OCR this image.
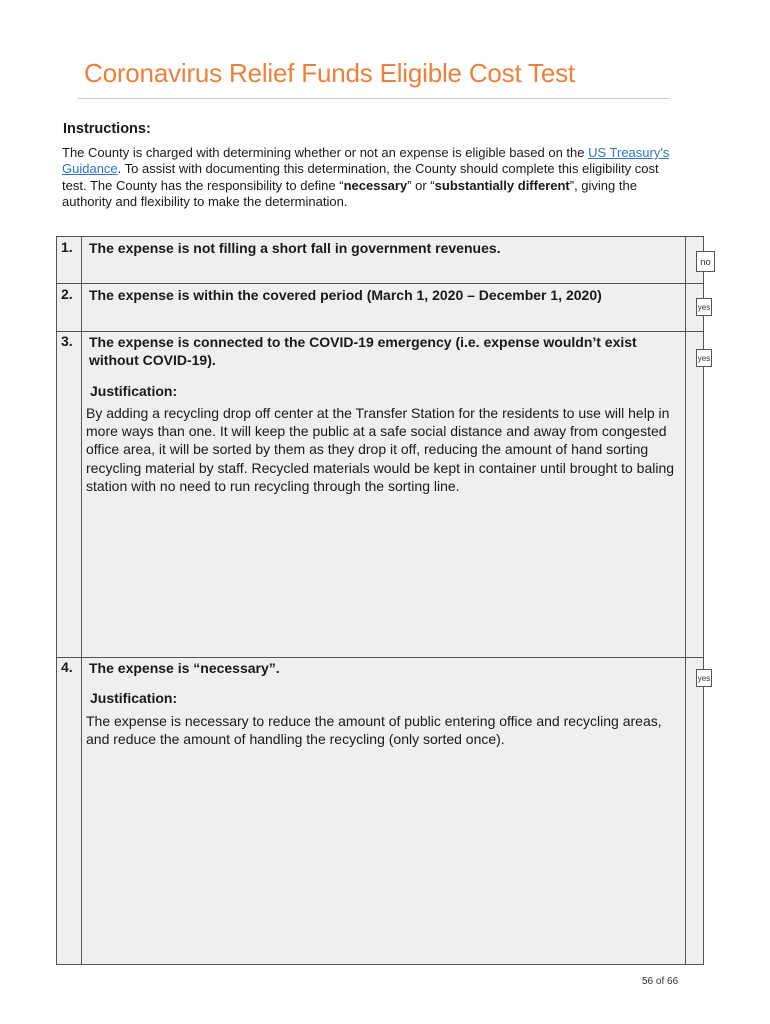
Coronavirus Relief Funds Eligible Cost Test
Instructions:
The County is charged with determining whether or not an expense is eligible based on the US Treasury's Guidance. To assist with documenting this determination, the County should complete this eligibility cost test. The County has the responsibility to define “necessary” or “substantially different”, giving the authority and flexibility to make the determination.
1. The expense is not filling a short fall in government revenues.
no
2. The expense is within the covered period (March 1, 2020 – December 1, 2020)
yes
3. The expense is connected to the COVID-19 emergency (i.e. expense wouldn’t exist without COVID-19).	yes
Justification:
By adding a recycling drop off center at the Transfer Station for the residents to use will help in more ways than one. It will keep the public at a safe social distance and away from congested office area, it will be sorted by them as they drop it off, reducing the amount of hand sorting recycling material by staff. Recycled materials would be kept in container until brought to baling station with no need to run recycling through the sorting line.
4. The expense is “necessary”.
yes
Justification:
The expense is necessary to reduce the amount of public entering office and recycling areas, and reduce the amount of handling the recycling (only sorted once).
56 of 66
